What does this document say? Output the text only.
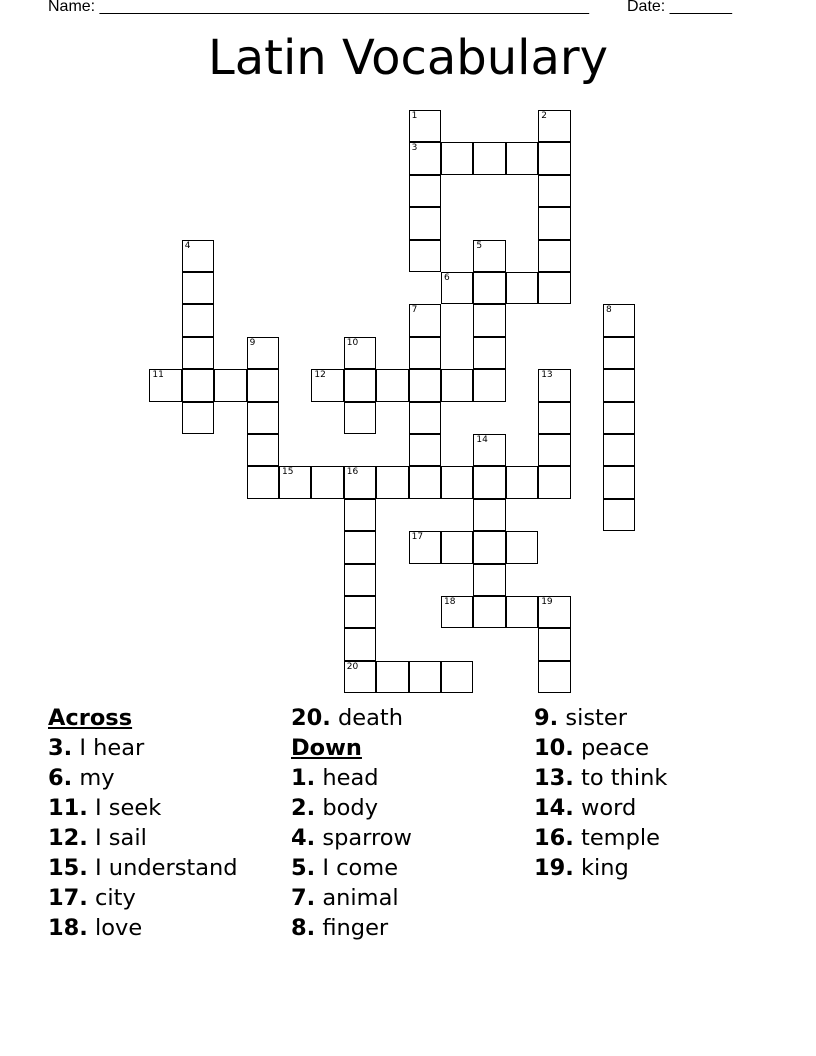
Name: _______________________________________________________ Date: _______
Latin Vocabulary
1	2
3
4	5
6
7	8
9	10
11	12	13
14
15	16
17
18	19
20
Across
3. I hear
6. my
11. I seek
12. I sail
15. I understand
17. city
18. love
20. death
Down
1. head
2. body
4. sparrow
5. I come
7. animal
8. finger
9. sister
10. peace
13. to think
14. word
16. temple
19. king
